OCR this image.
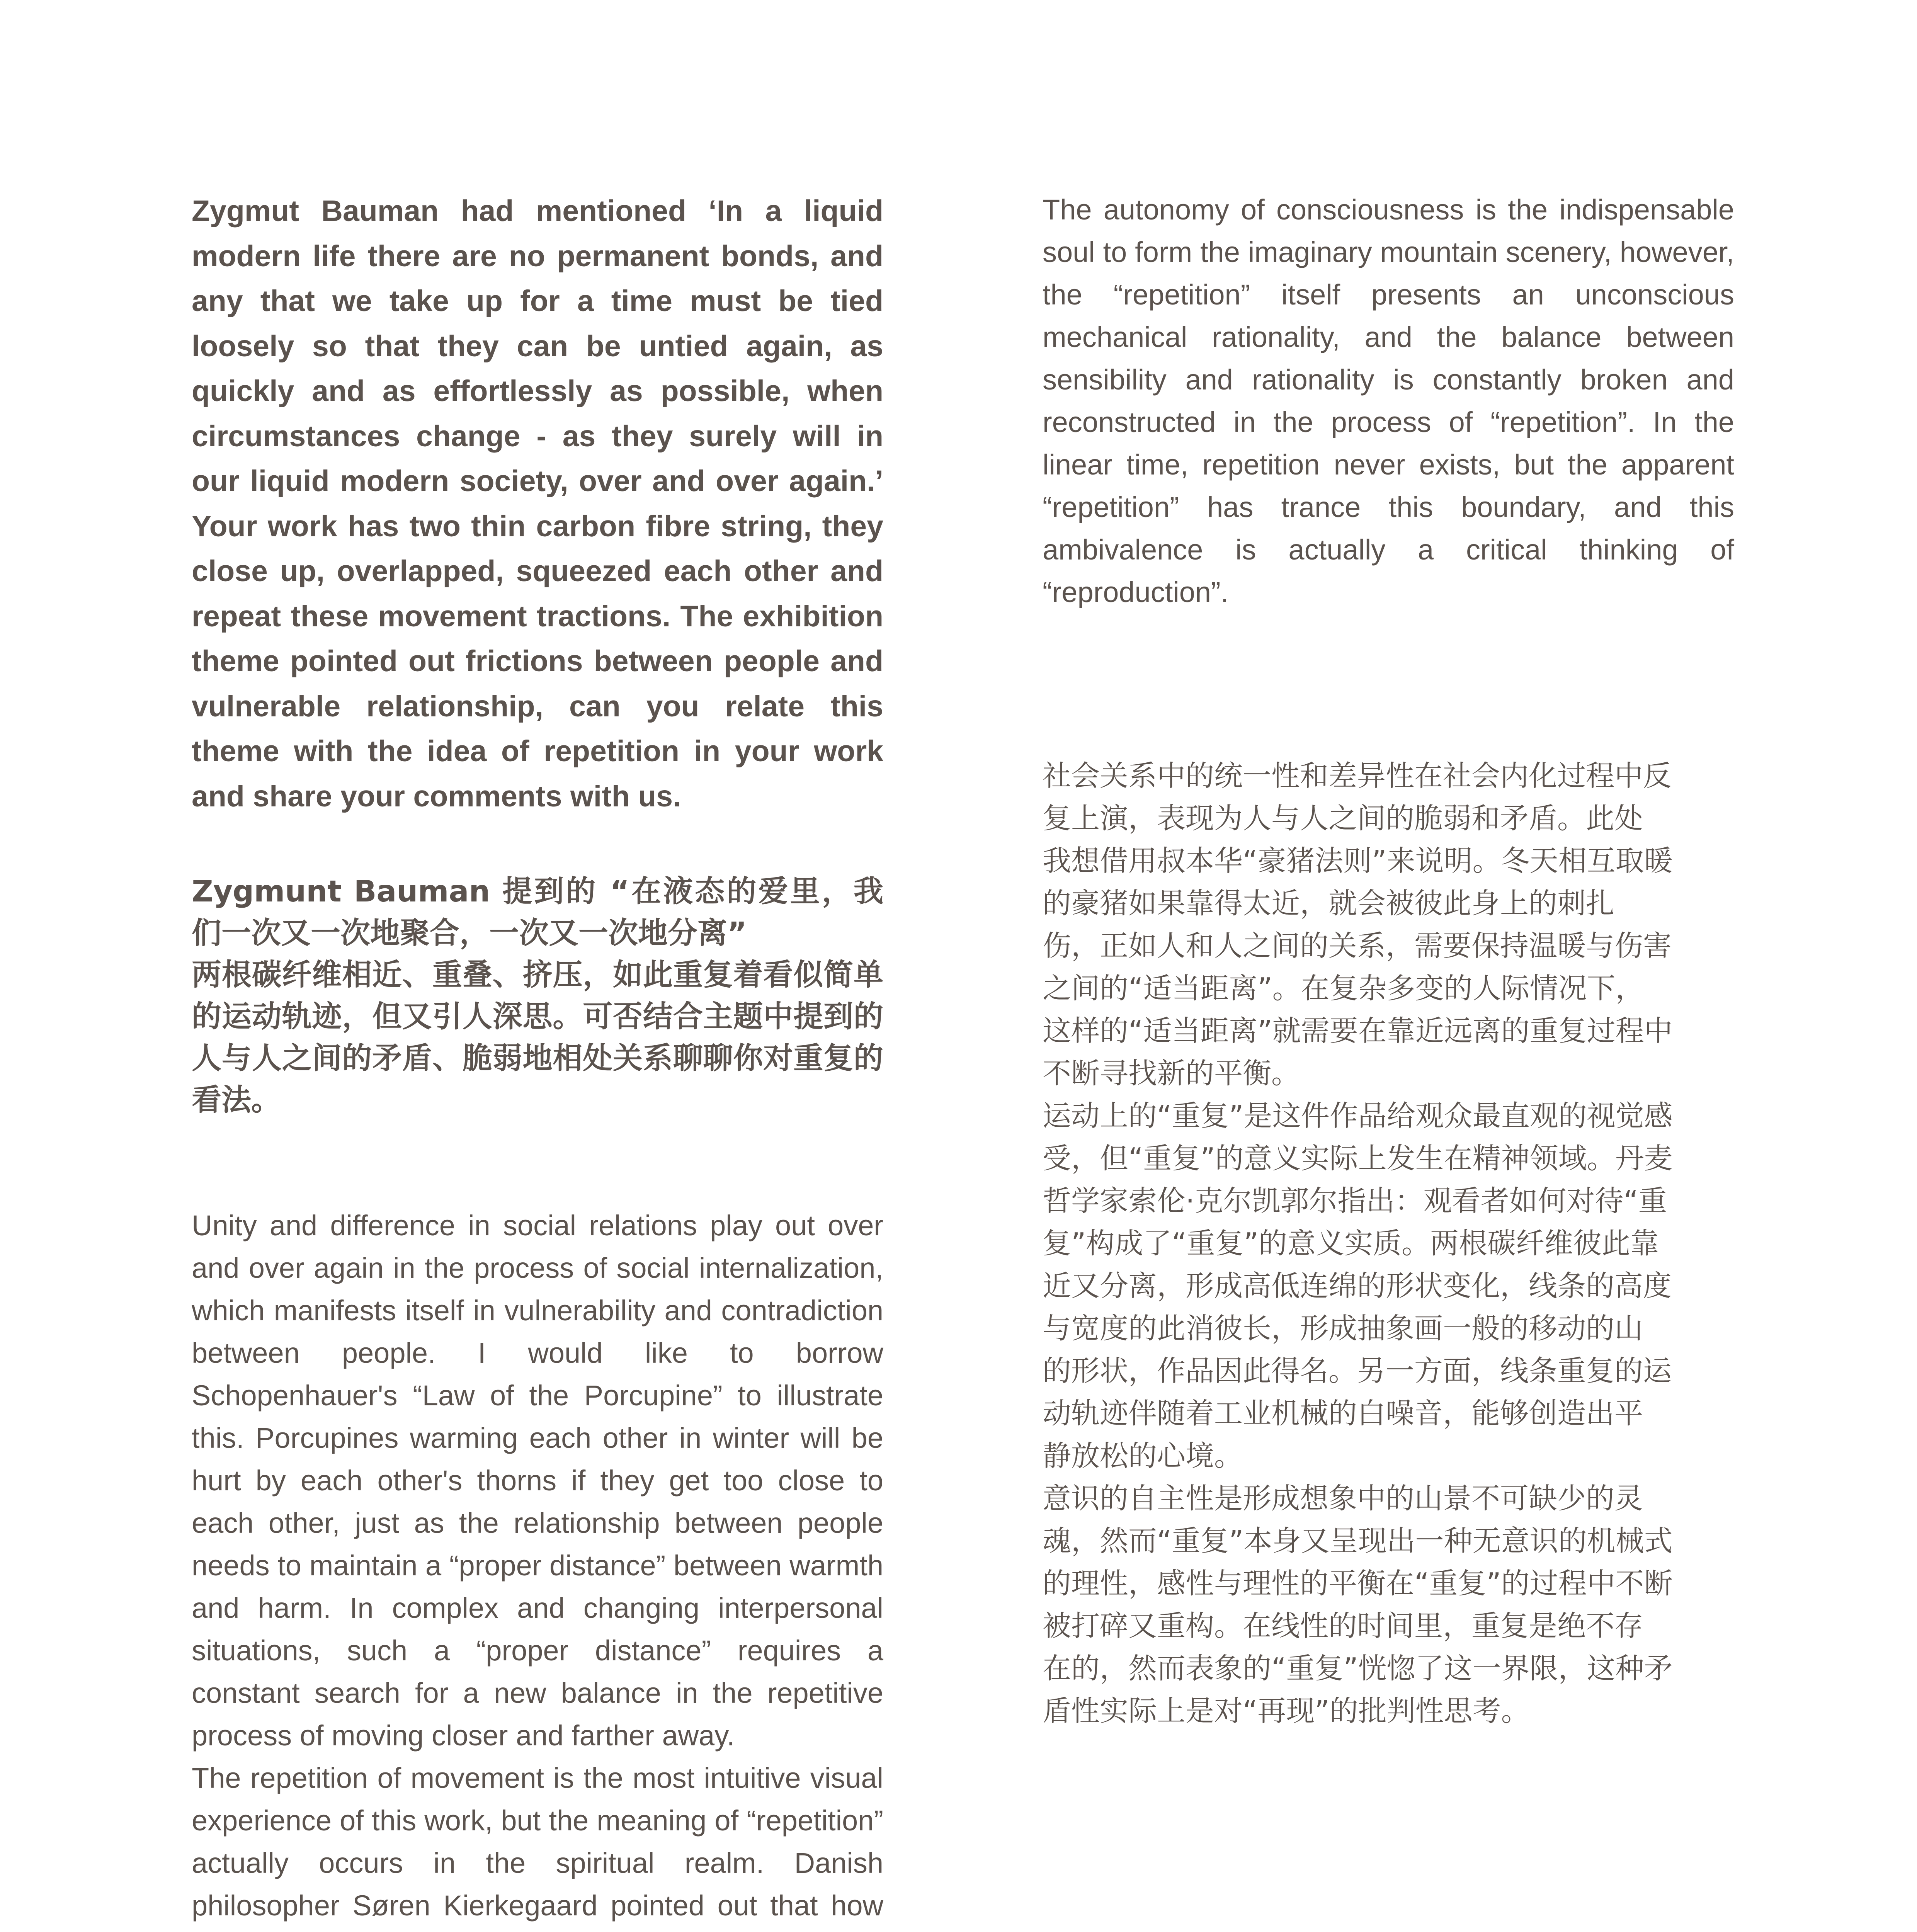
Zygmut Bauman had mentioned ‘In a liquid modern life there are no permanent bonds, and any that we take up for a time must be tied loosely so that they can be untied again, as quickly and as effortlessly as possible, when circumstances change - as they surely will in our liquid modern society, over and over again.’ Your work has two thin carbon fibre string, they close up, overlapped, squeezed each other and repeat these movement tractions. The exhibition theme pointed out frictions between people and vulnerable relationship, can you relate this theme with the idea of repetition in your work and share your comments with us.

Zygmunt Bauman 提到的 “在液态的爱里，我们一次又一次地聚合，一次又一次地分离”
两根碳纤维相近、重叠、挤压，如此重复着看似简单的运动轨迹，但又引人深思。可否结合主题中提到的人与人之间的矛盾、脆弱地相处关系聊聊你对重复的看法。

Unity and difference in social relations play out over and over again in the process of social internalization, which manifests itself in vulnerability and contradiction between people. I would like to borrow Schopenhauer's “Law of the Porcupine” to illustrate this. Porcupines warming each other in winter will be hurt by each other's thorns if they get too close to each other, just as the relationship between people needs to maintain a “proper distance” between warmth and harm. In complex and changing interpersonal situations, such a “proper distance” requires a constant search for a new balance in the repetitive process of moving closer and farther away.

The repetition of movement is the most intuitive visual experience of this work, but the meaning of “repetition” actually occurs in the spiritual realm. Danish philosopher Søren Kierkegaard pointed out that how

The autonomy of consciousness is the indispensable soul to form the imaginary mountain scenery, however, the “repetition” itself presents an unconscious mechanical rationality, and the balance between sensibility and rationality is constantly broken and reconstructed in the process of “repetition”. In the linear time, repetition never exists, but the apparent “repetition” has trance this boundary, and this ambivalence is actually a critical thinking of “reproduction”.

社会关系中的统一性和差异性在社会内化过程中反
复上演，表现为人与人之间的脆弱和矛盾。此处
我想借用叔本华“豪猪法则”来说明。冬天相互取暖
的豪猪如果靠得太近，就会被彼此身上的刺扎
伤，正如人和人之间的关系，需要保持温暖与伤害
之间的“适当距离”。在复杂多变的人际情况下，
这样的“适当距离”就需要在靠近远离的重复过程中
不断寻找新的平衡。
运动上的“重复”是这件作品给观众最直观的视觉感
受，但“重复”的意义实际上发生在精神领域。丹麦
哲学家索伦·克尔凯郭尔指出：观看者如何对待“重
复”构成了“重复”的意义实质。两根碳纤维彼此靠
近又分离，形成高低连绵的形状变化，线条的高度
与宽度的此消彼长，形成抽象画一般的移动的山
的形状，作品因此得名。另一方面，线条重复的运
动轨迹伴随着工业机械的白噪音，能够创造出平
静放松的心境。
意识的自主性是形成想象中的山景不可缺少的灵
魂，然而“重复”本身又呈现出一种无意识的机械式
的理性，感性与理性的平衡在“重复”的过程中不断
被打碎又重构。在线性的时间里，重复是绝不存
在的，然而表象的“重复”恍惚了这一界限，这种矛
盾性实际上是对“再现”的批判性思考。
